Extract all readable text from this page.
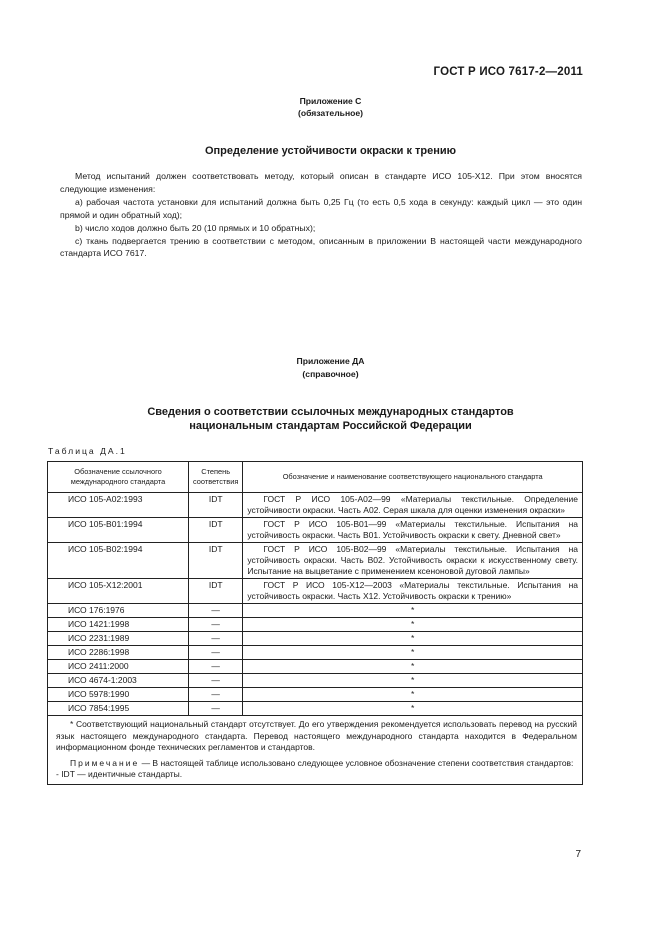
ГОСТ Р ИСО 7617-2—2011
Приложение С
(обязательное)
Определение устойчивости окраски к трению

Метод испытаний должен соответствовать методу, который описан в стандарте ИСО 105-Х12. При этом вносятся следующие изменения:

а) рабочая частота установки для испытаний должна быть 0,25 Гц (то есть 0,5 хода в секунду: каждый цикл — это один прямой и один обратный ход);

b) число ходов должно быть 20 (10 прямых и 10 обратных);

с) ткань подвергается трению в соответствии с методом, описанным в приложении В настоящей части международного стандарта ИСО 7617.

Приложение ДА
(справочное)
Сведения о соответствии ссылочных международных стандартов
национальным стандартам Российской Федерации
Таблица ДА.1
Обозначение ссылочного международного стандарта	Степень соответствия	Обозначение и наименование соответствующего национального стандарта
ИСО 105-А02:1993	IDT	ГОСТ Р ИСО 105-А02—99 «Материалы текстильные. Определение устойчивости окраски. Часть А02. Серая шкала для оценки изменения окраски»
ИСО 105-В01:1994	IDT	ГОСТ Р ИСО 105-В01—99 «Материалы текстильные. Испытания на устойчивость окраски. Часть В01. Устойчивость окраски к свету. Дневной свет»
ИСО 105-В02:1994	IDT	ГОСТ Р ИСО 105-В02—99 «Материалы текстильные. Испытания на устойчивость окраски. Часть В02. Устойчивость окраски к искусственному свету. Испытание на выцветание с применением ксеноновой дуговой лампы»
ИСО 105-Х12:2001	IDT	ГОСТ Р ИСО 105-Х12—2003 «Материалы текстильные. Испытания на устойчивость окраски. Часть Х12. Устойчивость окраски к трению»
ИСО 176:1976	—	*
ИСО 1421:1998	—	*
ИСО 2231:1989	—	*
ИСО 2286:1998	—	*
ИСО 2411:2000	—	*
ИСО 4674-1:2003	—	*
ИСО 5978:1990	—	*
ИСО 7854:1995	—	*

* Соответствующий национальный стандарт отсутствует. До его утверждения рекомендуется использовать перевод на русский язык настоящего международного стандарта. Перевод настоящего международного стандарта находится в Федеральном информационном фонде технических регламентов и стандартов.

Примечание — В настоящей таблице использовано следующее условное обозначение степени соответствия стандартов:

- IDT — идентичные стандарты.		

7
